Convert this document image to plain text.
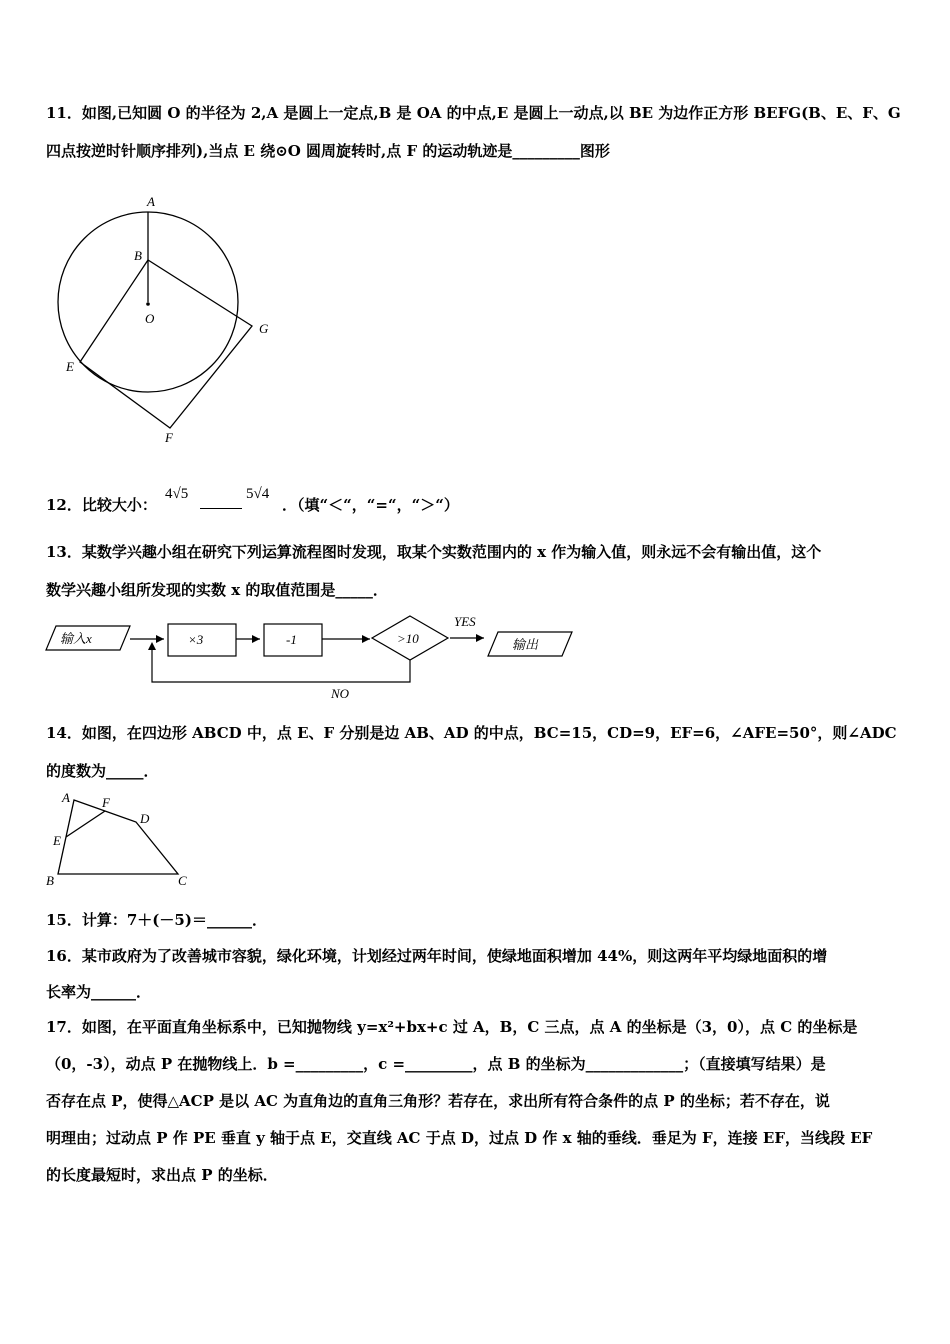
11．如图,已知圆 O 的半径为 2,A 是圆上一定点,B 是 OA 的中点,E 是圆上一动点,以 BE 为边作正方形 BEFG(B、E、F、G
四点按逆时针顺序排列),当点 E 绕⊙O 圆周旋转时,点 F 的运动轨迹是_________图形
A
B
O
G
E
F
12．比较大小：
4√5	5√4
．（填“＜“，“=“，“＞“）
13．某数学兴趣小组在研究下列运算流程图时发现，取某个实数范围内的 x 作为输入值，则永远不会有输出值，这个
数学兴趣小组所发现的实数 x 的取值范围是_____．
输入x	×3	-1	>10
YES
输出
NO
14．如图，在四边形 ABCD 中，点 E、F 分别是边 AB、AD 的中点，BC=15，CD=9，EF=6，∠AFE=50°，则∠ADC
的度数为_____．
A F
D
E
B	C
15．计算：7＋(－5)＝______．
16．某市政府为了改善城市容貌，绿化环境，计划经过两年时间，使绿地面积增加 44%，则这两年平均绿地面积的增
长率为______．
17．如图，在平面直角坐标系中，已知抛物线 y=x²+bx+c 过 A，B，C 三点，点 A 的坐标是（3，0），点 C 的坐标是
（0，-3），动点 P 在抛物线上．b =_________，c =_________，点 B 的坐标为_____________；（直接填写结果）是
否存在点 P，使得△ACP 是以 AC 为直角边的直角三角形？若存在，求出所有符合条件的点 P 的坐标；若不存在，说
明理由；过动点 P 作 PE 垂直 y 轴于点 E，交直线 AC 于点 D，过点 D 作 x 轴的垂线．垂足为 F，连接 EF，当线段 EF
的长度最短时，求出点 P 的坐标．
